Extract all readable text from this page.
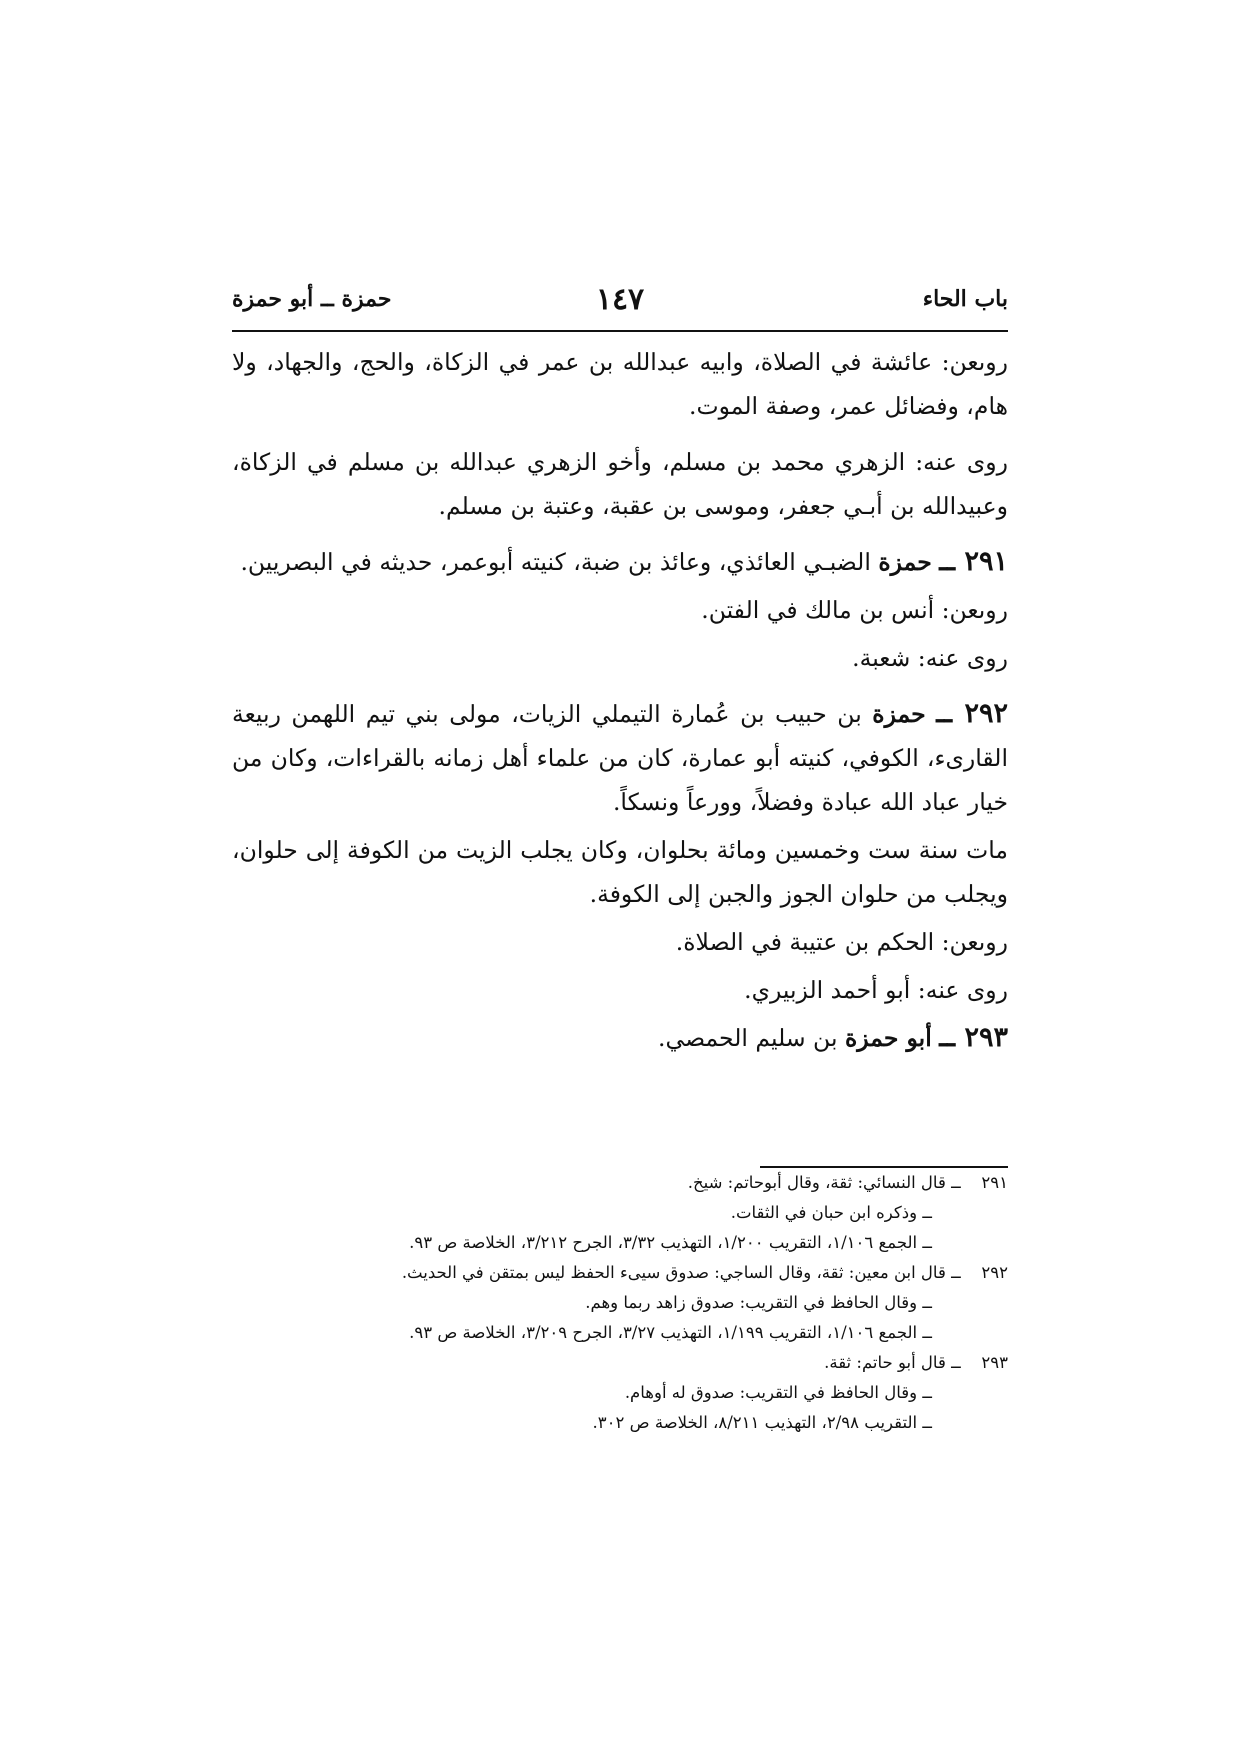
باب الحاء
١٤٧
حمزة ــ أبو حمزة

روىعن: عائشة في الصلاة، وابيه عبدالله بن عمر في الزكاة، والحج، والجهاد، ولا هام، وفضائل عمر، وصفة الموت.

روى عنه: الزهري محمد بن مسلم، وأخو الزهري عبدالله بن مسلم في الزكاة، وعبيدالله بن أبـي جعفر، وموسى بن عقبة، وعتبة بن مسلم.

٢٩١ ــ حمزة الضبـي العائذي، وعائذ بن ضبة، كنيته أبوعمر، حديثه في البصريين.

روىعن: أنس بن مالك في الفتن.

روى عنه: شعبة.

٢٩٢ ــ حمزة بن حبيب بن عُمارة التيملي الزيات، مولى بني تيم اللهمن ربيعة القارىء، الكوفي، كنيته أبو عمارة، كان من علماء أهل زمانه بالقراءات، وكان من خيار عباد الله عبادة وفضلاً، وورعاً ونسكاً.

مات سنة ست وخمسين ومائة بحلوان، وكان يجلب الزيت من الكوفة إلى حلوان، ويجلب من حلوان الجوز والجبن إلى الكوفة.

روىعن: الحكم بن عتيبة في الصلاة.

روى عنه: أبو أحمد الزبيري.

٢٩٣ ــ أبو حمزة بن سليم الحمصي.

٢٩١ ــ قال النسائي: ثقة، وقال أبوحاتم: شيخ.
ــ وذكره ابن حبان في الثقات.
ــ الجمع ١/١٠٦، التقريب ١/٢٠٠، التهذيب ٣/٣٢، الجرح ٣/٢١٢، الخلاصة ص ٩٣.
٢٩٢ ــ قال ابن معين: ثقة، وقال الساجي: صدوق سيىء الحفظ ليس بمتقن في الحديث.
ــ وقال الحافظ في التقريب: صدوق زاهد ربما وهم.
ــ الجمع ١/١٠٦، التقريب ١/١٩٩، التهذيب ٣/٢٧، الجرح ٣/٢٠٩، الخلاصة ص ٩٣.
٢٩٣ ــ قال أبو حاتم: ثقة.
ــ وقال الحافظ في التقريب: صدوق له أوهام.
ــ التقريب ٢/٩٨، التهذيب ٨/٢١١، الخلاصة ص ٣٠٢.
